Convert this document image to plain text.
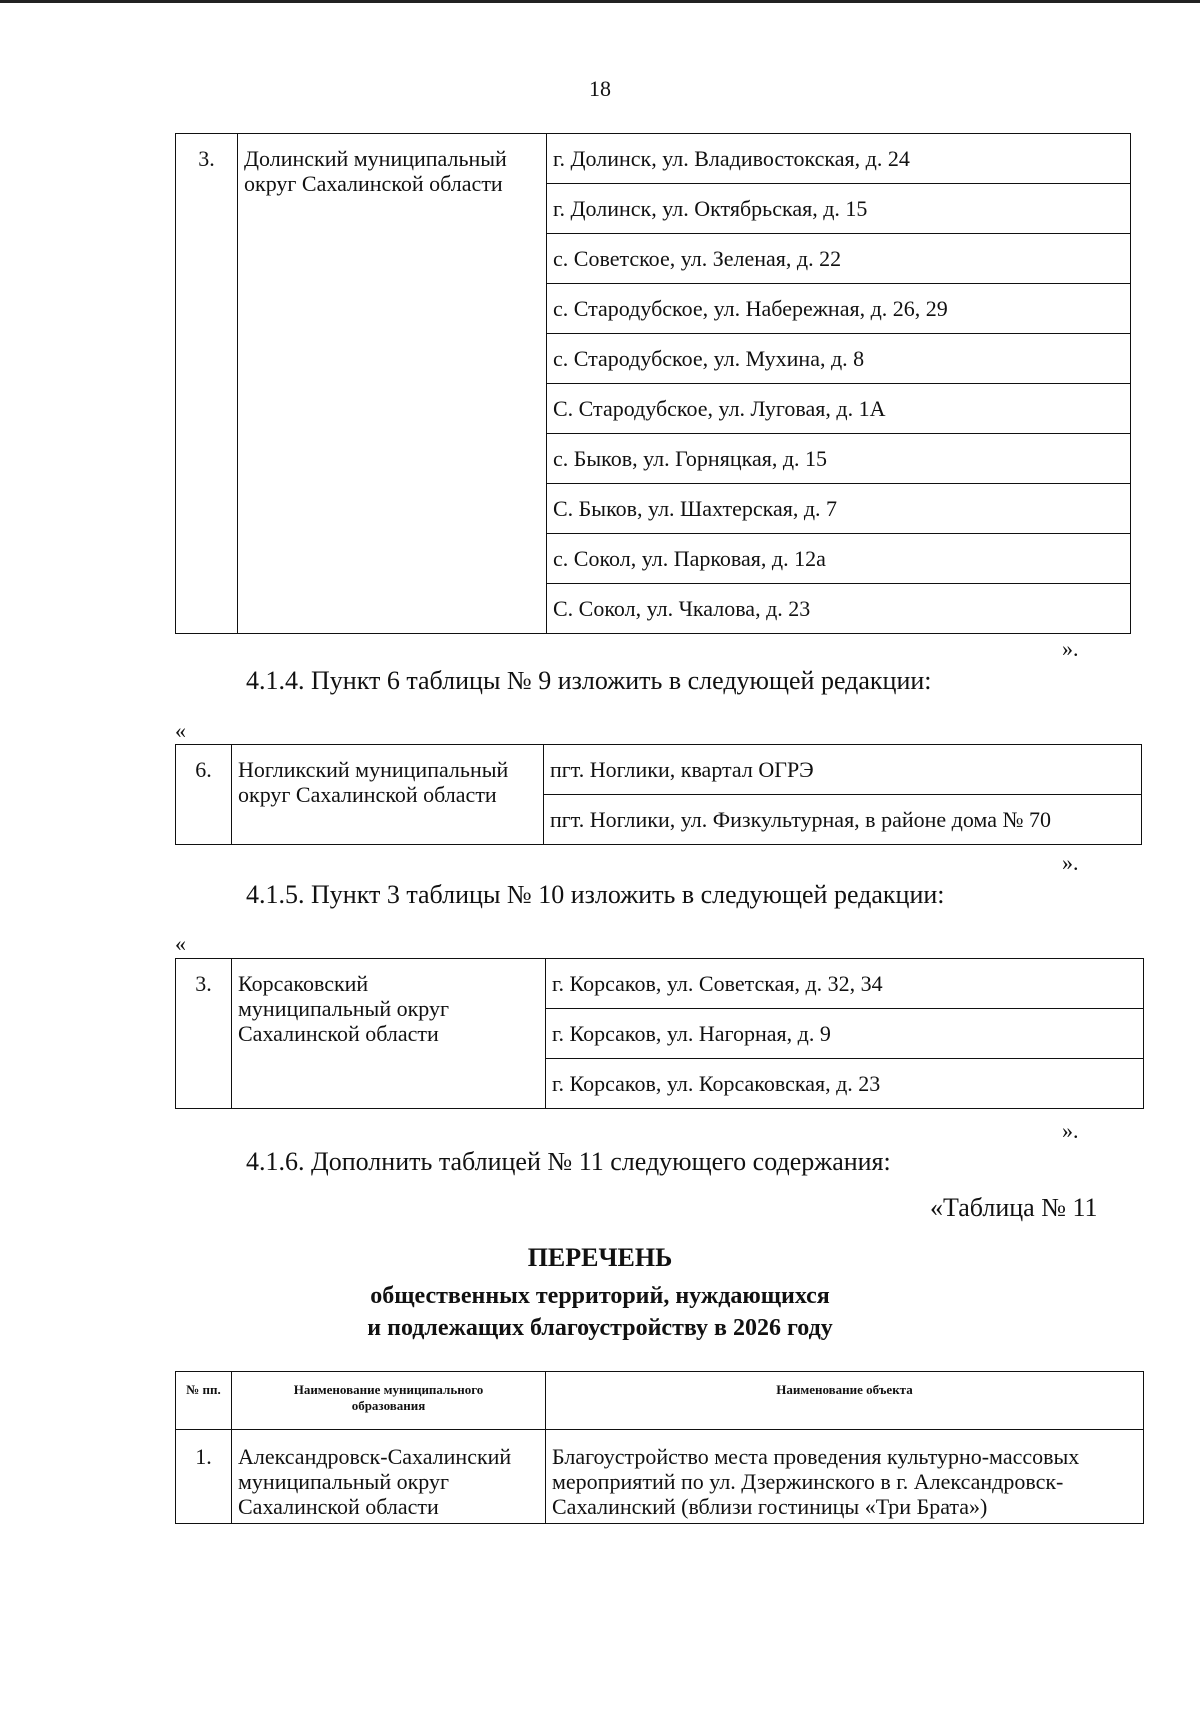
18
3.	Долинский муниципальный округ Сахалинской области	г. Долинск, ул. Владивостокская, д. 24
г. Долинск, ул. Октябрьская, д. 15
с. Советское, ул. Зеленая, д. 22
с. Стародубское, ул. Набережная, д. 26, 29
с. Стародубское, ул. Мухина, д. 8
С. Стародубское, ул. Луговая, д. 1А
с. Быков, ул. Горняцкая, д. 15
С. Быков, ул. Шахтерская, д. 7
с. Сокол, ул. Парковая, д. 12а
С. Сокол, ул. Чкалова, д. 23
».
4.1.4. Пункт 6 таблицы № 9 изложить в следующей редакции:
«
6.	Ногликский муниципальный округ Сахалинской области	пгт. Ноглики, квартал ОГРЭ
пгт. Ноглики, ул. Физкультурная, в районе дома № 70
».
4.1.5. Пункт 3 таблицы № 10 изложить в следующей редакции:
«
3.	Корсаковский муниципальный округ Сахалинской области	г. Корсаков, ул. Советская, д. 32, 34
г. Корсаков, ул. Нагорная, д. 9
г. Корсаков, ул. Корсаковская, д. 23
».
4.1.6. Дополнить таблицей № 11 следующего содержания:
«Таблица № 11
ПЕРЕЧЕНЬ
общественных территорий, нуждающихся
и подлежащих благоустройству в 2026 году
№ пп.	Наименование муниципального образования	Наименование объекта
1.	Александровск-Сахалинский муниципальный округ Сахалинской области	Благоустройство места проведения культурно-массовых мероприятий по ул. Дзержинского в г. Александровск-Сахалинский (вблизи гостиницы «Три Брата»)
